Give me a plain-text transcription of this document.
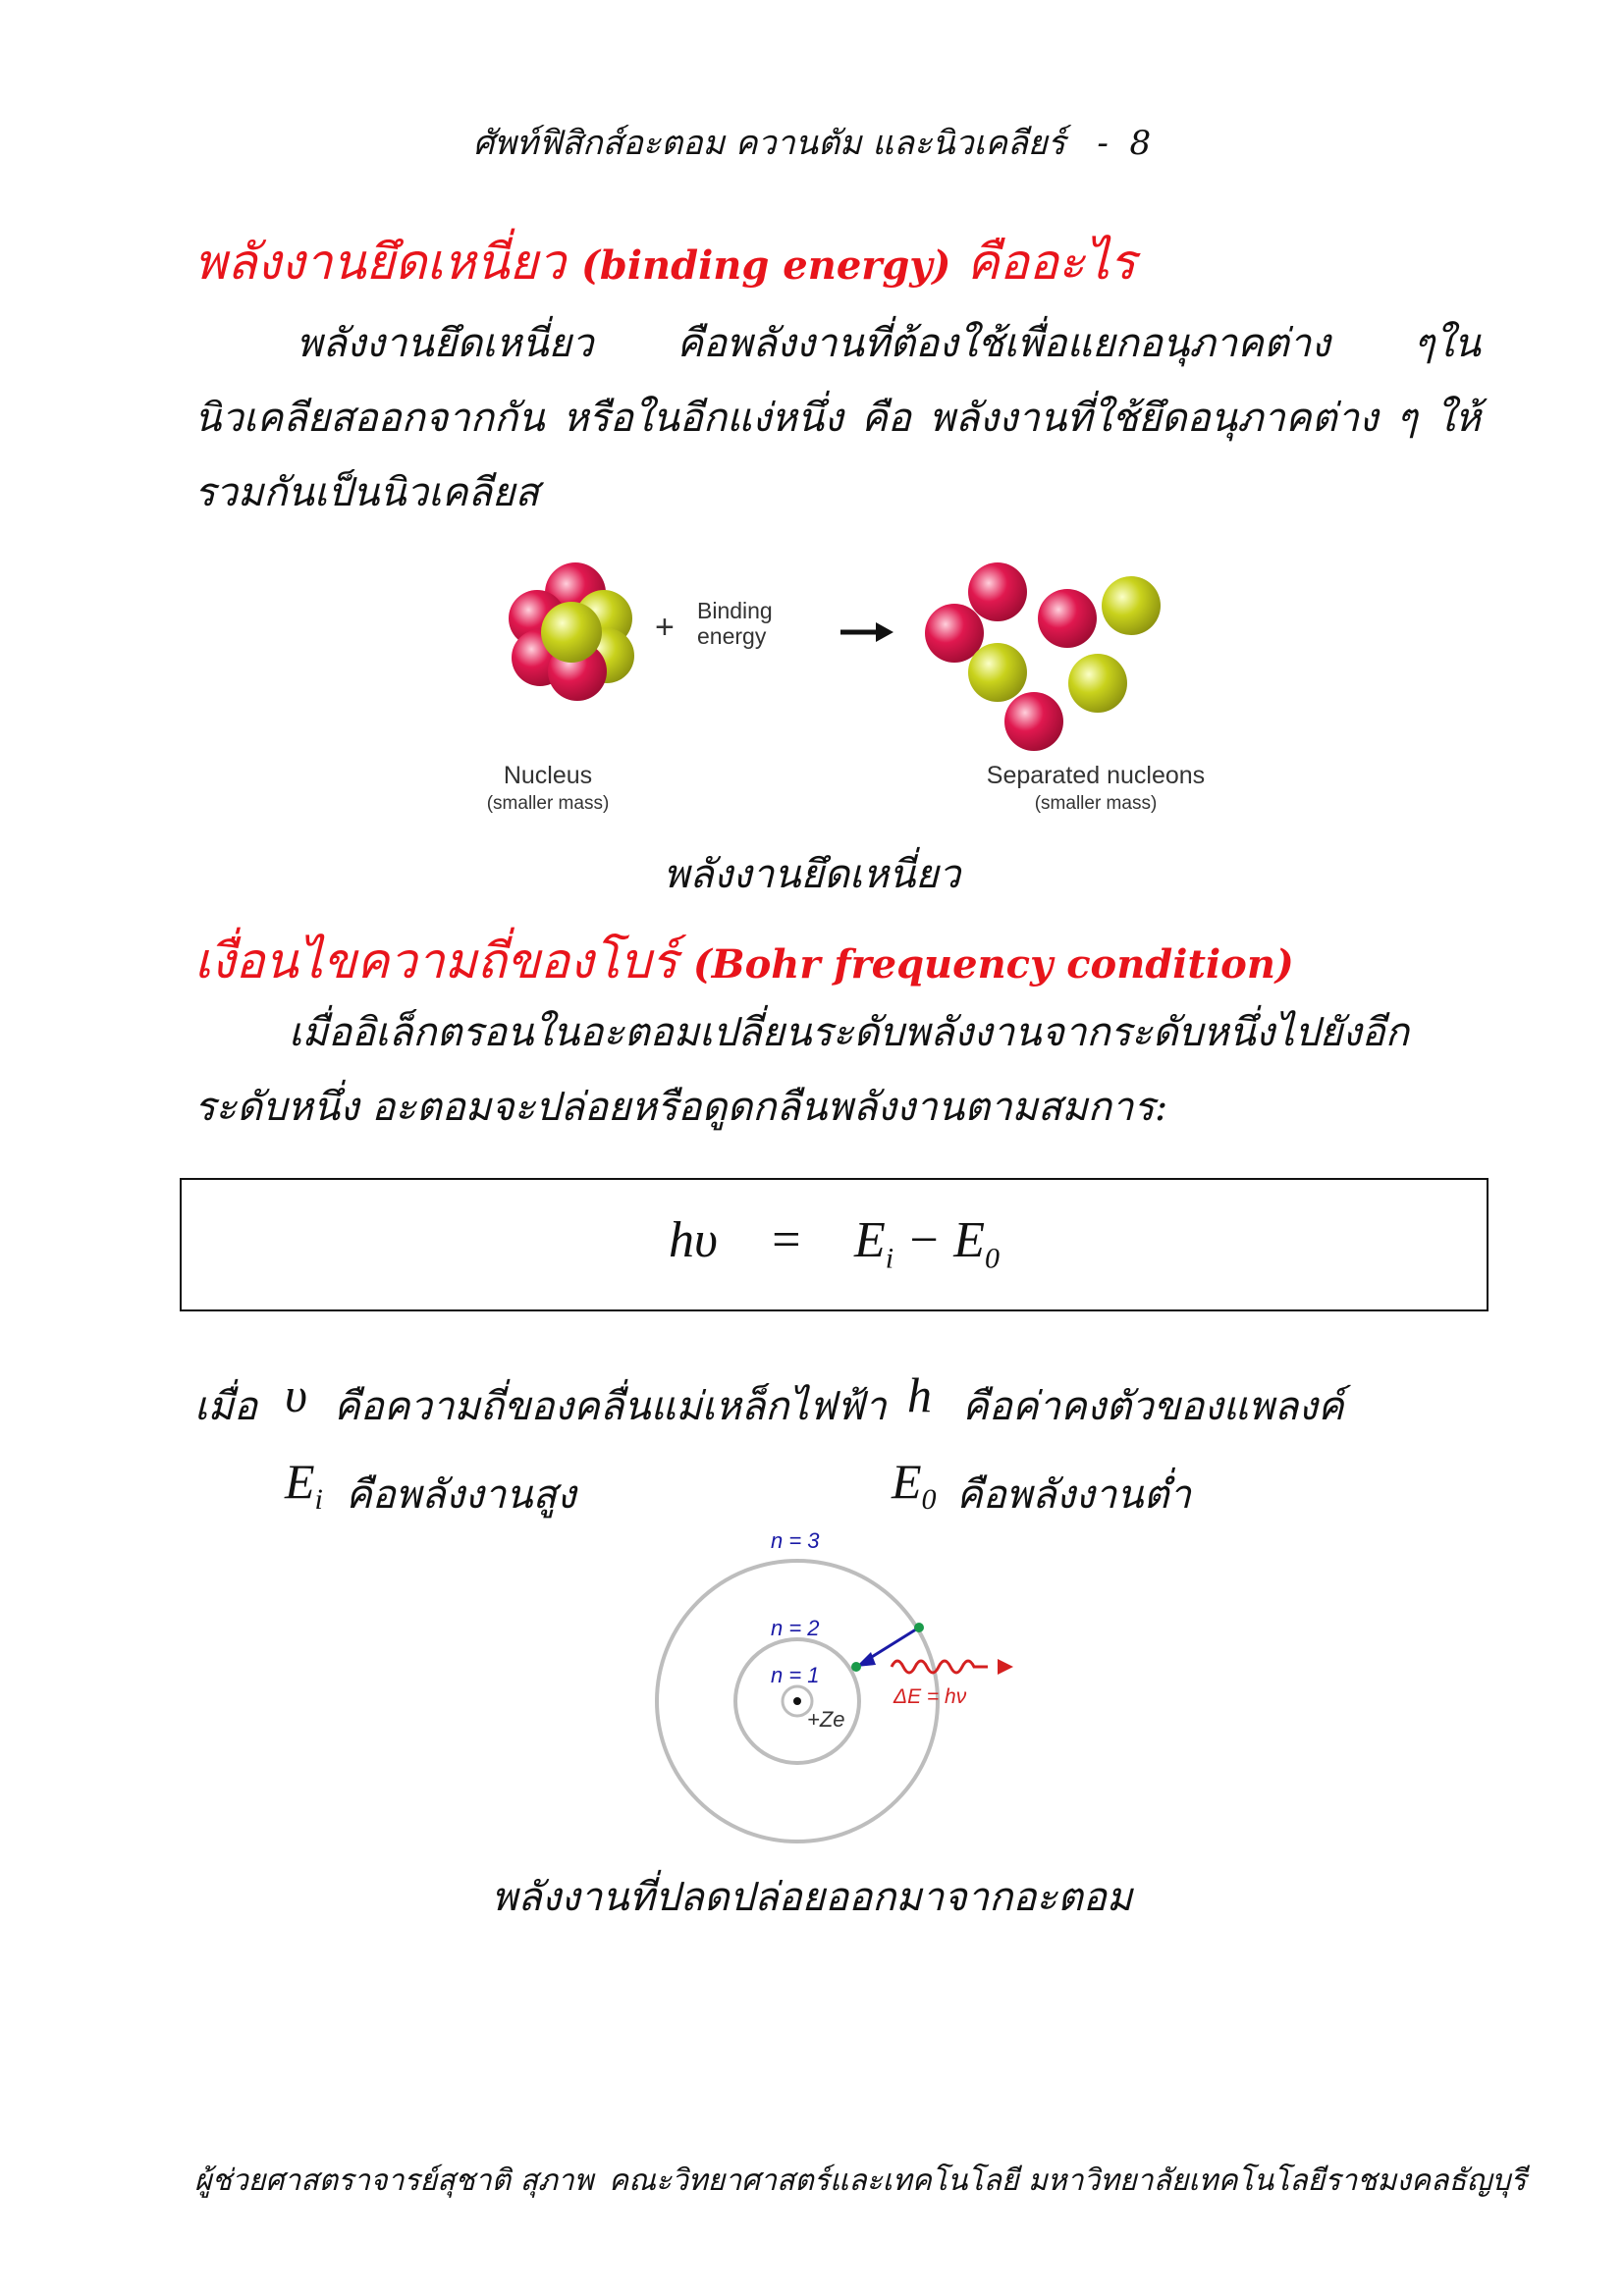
ศัพท์ฟิสิกส์อะตอม ควานตัม และนิวเคลียร์ - 8
พลังงานยึดเหนี่ยว (binding energy) คืออะไร
พลังงานยึดเหนี่ยว คือพลังงานที่ต้องใช้เพื่อแยกอนุภาคต่าง ๆในนิวเคลียสออกจากกัน หรือในอีกแง่หนึ่ง คือ พลังงานที่ใช้ยึดอนุภาคต่าง ๆ ให้รวมกันเป็นนิวเคลียส
+ Binding
energy
Nucleus
(smaller mass)
Separated nucleons
(smaller mass)
พลังงานยึดเหนี่ยว
เงื่อนไขความถี่ของโบร์ (Bohr frequency condition)
เมื่ออิเล็กตรอนในอะตอมเปลี่ยนระดับพลังงานจากระดับหนึ่งไปยังอีกระดับหนึ่ง อะตอมจะปล่อยหรือดูดกลืนพลังงานตามสมการ:
$h\upsilon = E_i - E_0$
เมื่อ υ คือความถี่ของคลื่นแม่เหล็กไฟฟ้า h คือค่าคงตัวของแพลงค์
$E_i$ คือพลังงานสูง	$E_0$ คือพลังงานต่ำ
n = 3
n = 2
n = 1
+Ze
ΔE = hν
พลังงานที่ปลดปล่อยออกมาจากอะตอม
ผู้ช่วยศาสตราจารย์สุชาติ สุภาพ คณะวิทยาศาสตร์และเทคโนโลยี มหาวิทยาลัยเทคโนโลยีราชมงคลธัญบุรี
